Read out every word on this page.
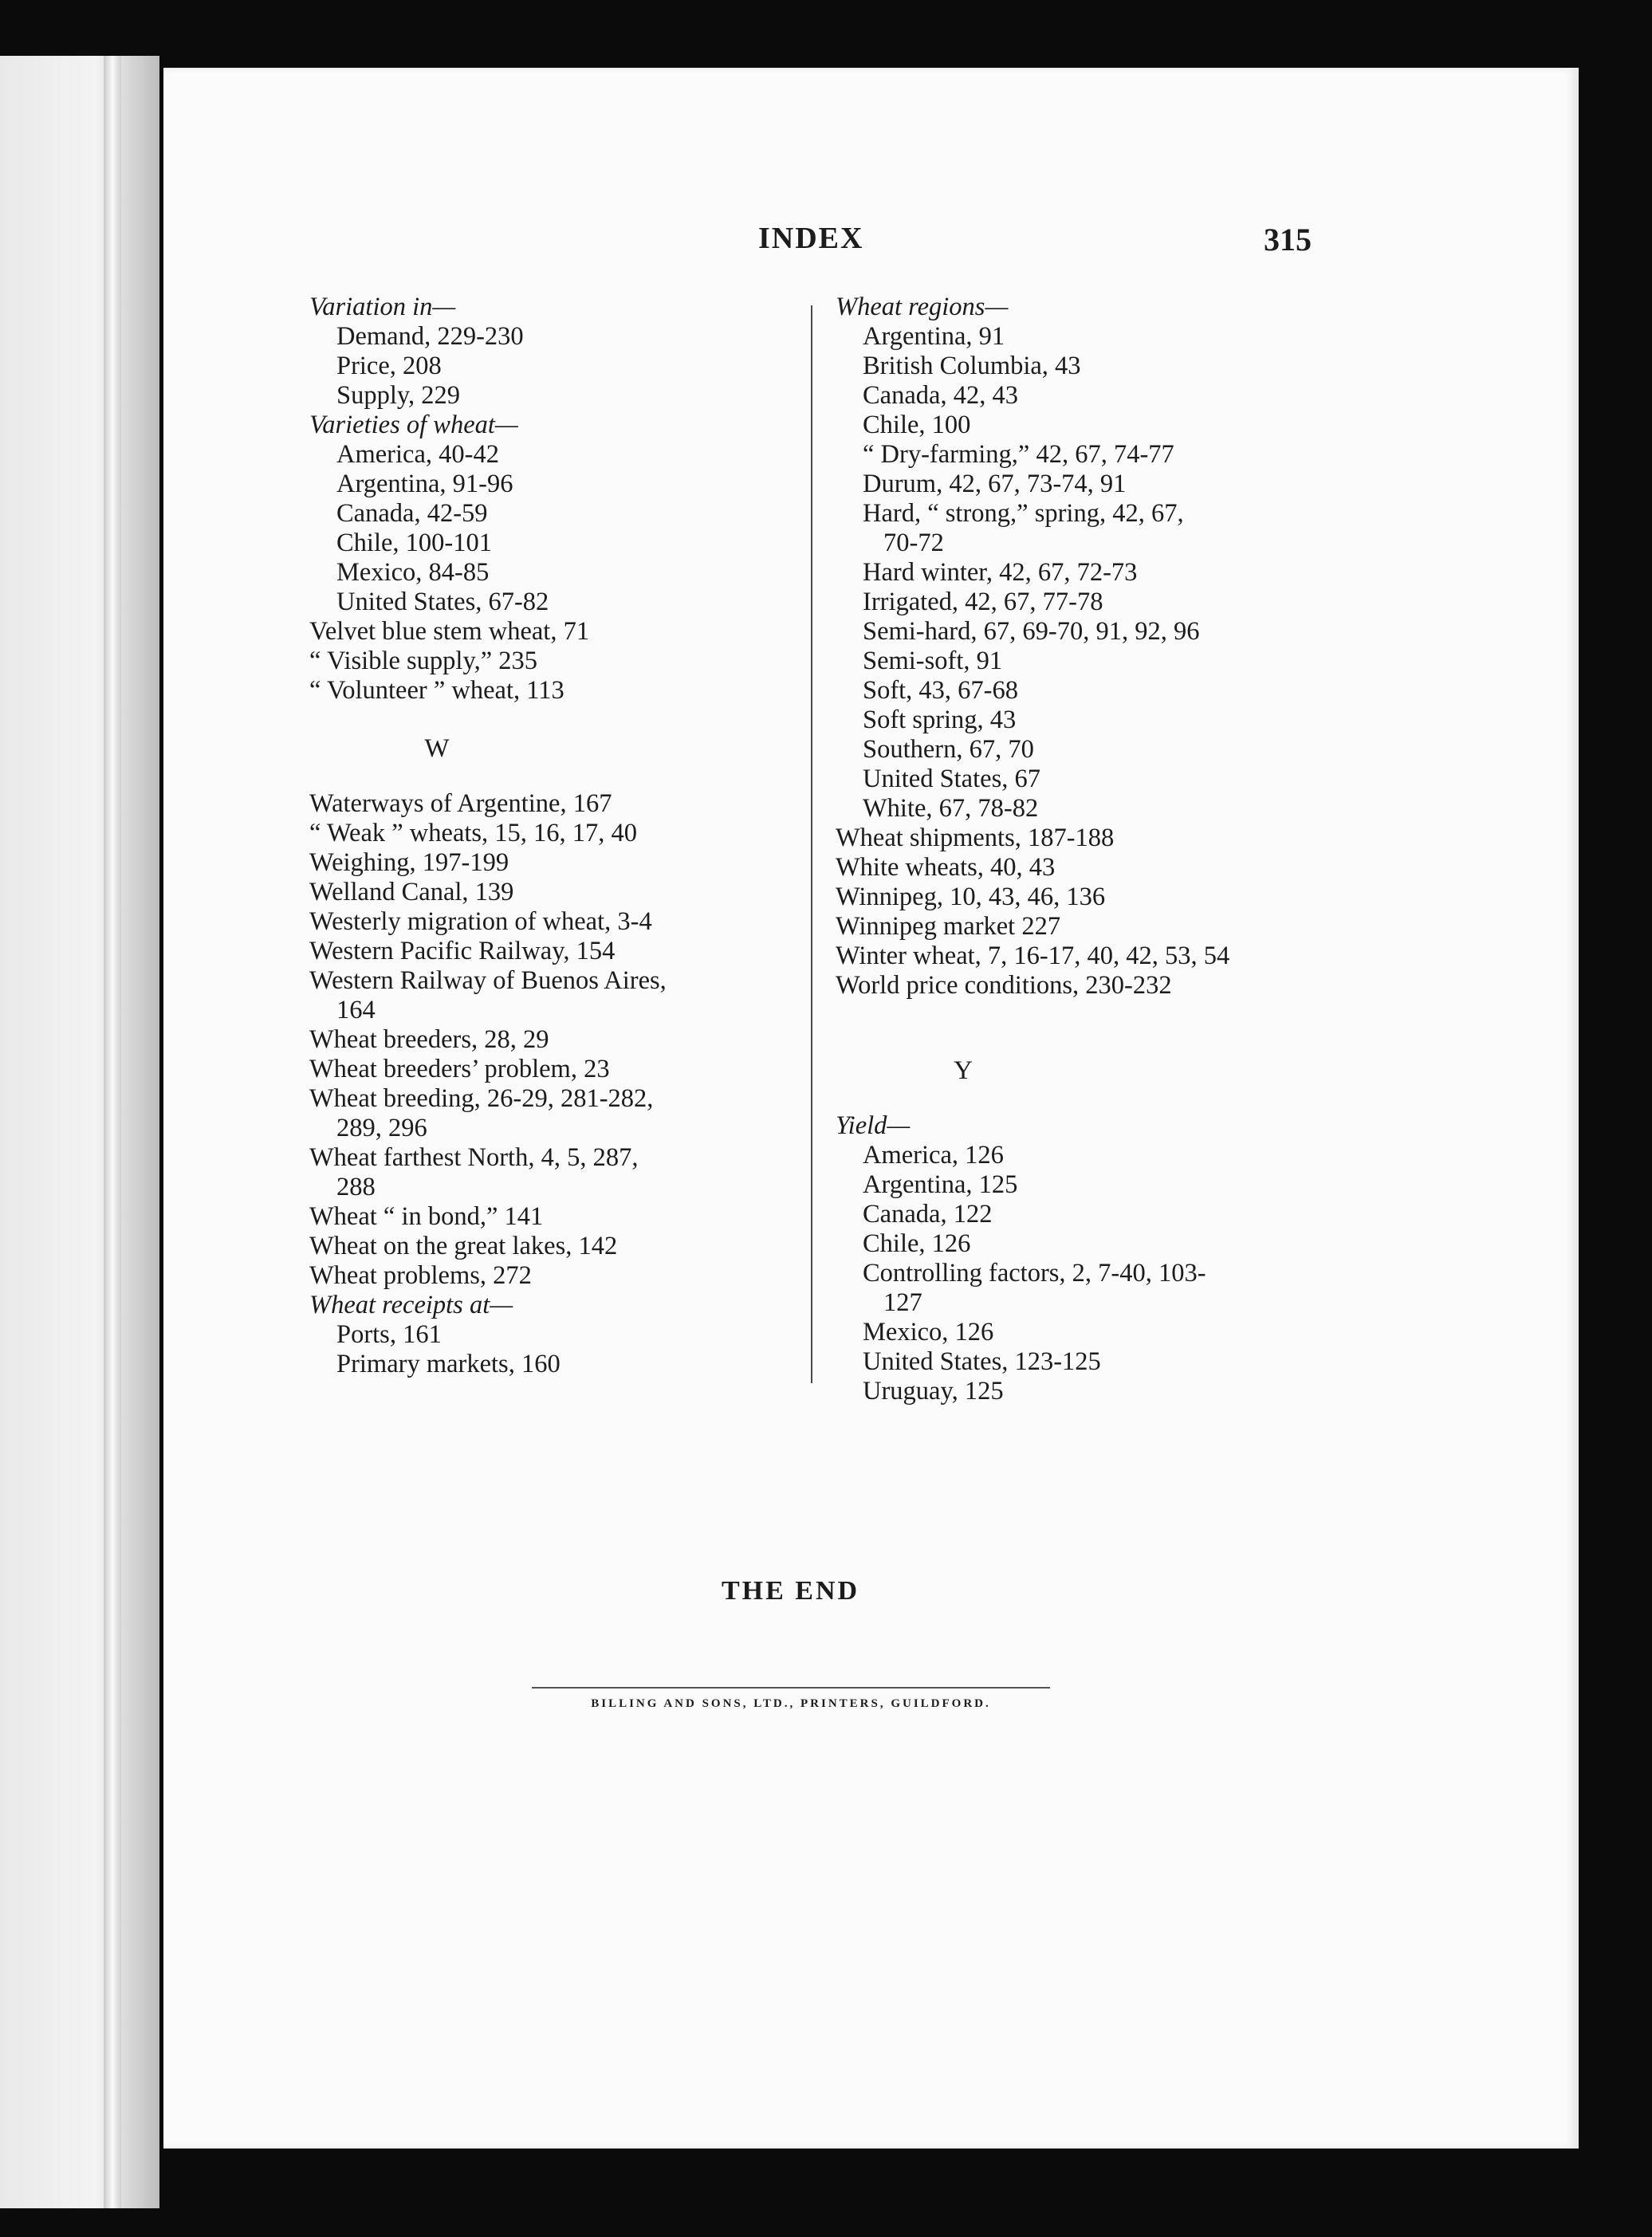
INDEX	315
Variation in—
Demand, 229-230
Price, 208
Supply, 229
Varieties of wheat—
America, 40-42
Argentina, 91-96
Canada, 42-59
Chile, 100-101
Mexico, 84-85
United States, 67-82
Velvet blue stem wheat, 71
“ Visible supply,” 235
“ Volunteer ” wheat, 113
W
Waterways of Argentine, 167
“ Weak ” wheats, 15, 16, 17, 40
Weighing, 197-199
Welland Canal, 139
Westerly migration of wheat, 3-4
Western Pacific Railway, 154
Western Railway of Buenos Aires,
164
Wheat breeders, 28, 29
Wheat breeders’ problem, 23
Wheat breeding, 26-29, 281-282,
289, 296
Wheat farthest North, 4, 5, 287,
288
Wheat “ in bond,” 141
Wheat on the great lakes, 142
Wheat problems, 272
Wheat receipts at—
Ports, 161
Primary markets, 160
Wheat regions—
Argentina, 91
British Columbia, 43
Canada, 42, 43
Chile, 100
“ Dry-farming,” 42, 67, 74-77
Durum, 42, 67, 73-74, 91
Hard, “ strong,” spring, 42, 67,
70-72
Hard winter, 42, 67, 72-73
Irrigated, 42, 67, 77-78
Semi-hard, 67, 69-70, 91, 92, 96
Semi-soft, 91
Soft, 43, 67-68
Soft spring, 43
Southern, 67, 70
United States, 67
White, 67, 78-82
Wheat shipments, 187-188
White wheats, 40, 43
Winnipeg, 10, 43, 46, 136
Winnipeg market 227
Winter wheat, 7, 16-17, 40, 42, 53, 54
World price conditions, 230-232
Y
Yield—
America, 126
Argentina, 125
Canada, 122
Chile, 126
Controlling factors, 2, 7-40, 103-
127
Mexico, 126
United States, 123-125
Uruguay, 125
THE END
BILLING AND SONS, LTD., PRINTERS, GUILDFORD.
